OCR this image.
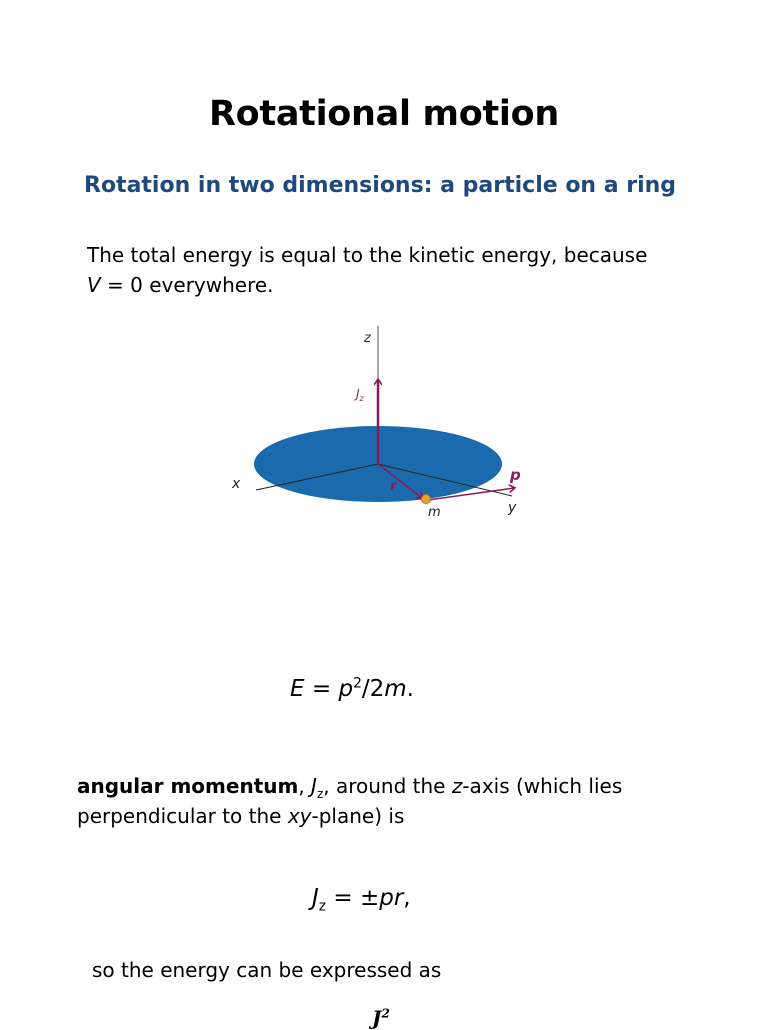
Rotational motion
Rotation in two dimensions: a particle on a ring
The total energy is equal to the kinetic energy, because
V = 0 everywhere.
z
x
y
$J_z$
r
p
m
$E = p^2/2m$.
angular momentum, $J_z$, around the z-axis (which lies
perpendicular to the xy-plane) is
$J_z = \pm pr$,
so the energy can be expressed as
$J^2$
